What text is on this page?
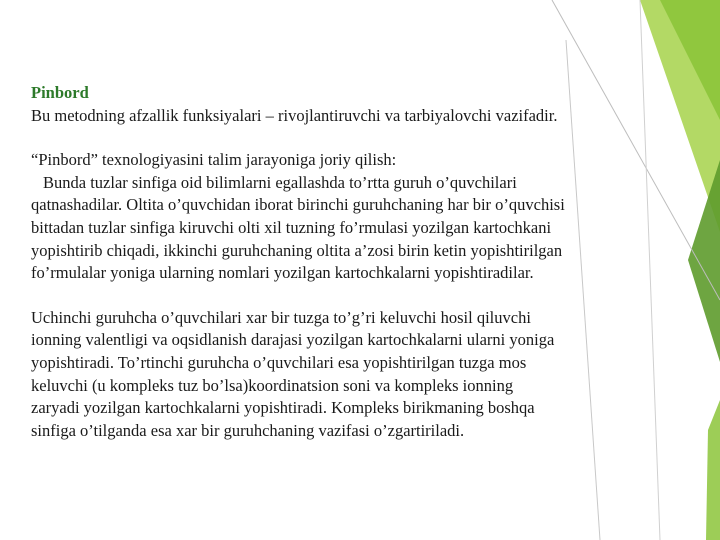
Pinbord

Bu metodning afzallik funksiyalari – rivojlantiruvchi va tarbiyalovchi vazifadir.

“Pinbord” texnologiyasini talim jarayoniga joriy qilish:

Bunda tuzlar sinfiga oid bilimlarni egallashda to’rtta guruh o’quvchilari

qatnashadilar. Oltita o’quvchidan iborat birinchi guruhchaning har bir o’quvchisi

bittadan tuzlar sinfiga kiruvchi olti xil tuzning fo’rmulasi yozilgan kartochkani

yopishtirib chiqadi, ikkinchi guruhchaning oltita a’zosi birin ketin yopishtirilgan

fo’rmulalar yoniga ularning nomlari yozilgan kartochkalarni yopishtiradilar.

Uchinchi guruhcha o’quvchilari xar bir tuzga to’g’ri keluvchi hosil qiluvchi

ionning valentligi va oqsidlanish darajasi yozilgan kartochkalarni ularni yoniga

yopishtiradi. To’rtinchi guruhcha o’quvchilari esa yopishtirilgan tuzga mos

keluvchi (u kompleks tuz bo’lsa)koordinatsion soni va kompleks ionning

zaryadi yozilgan kartochkalarni yopishtiradi. Kompleks birikmaning boshqa

sinfiga o’tilganda esa xar bir guruhchaning vazifasi o’zgartiriladi.
